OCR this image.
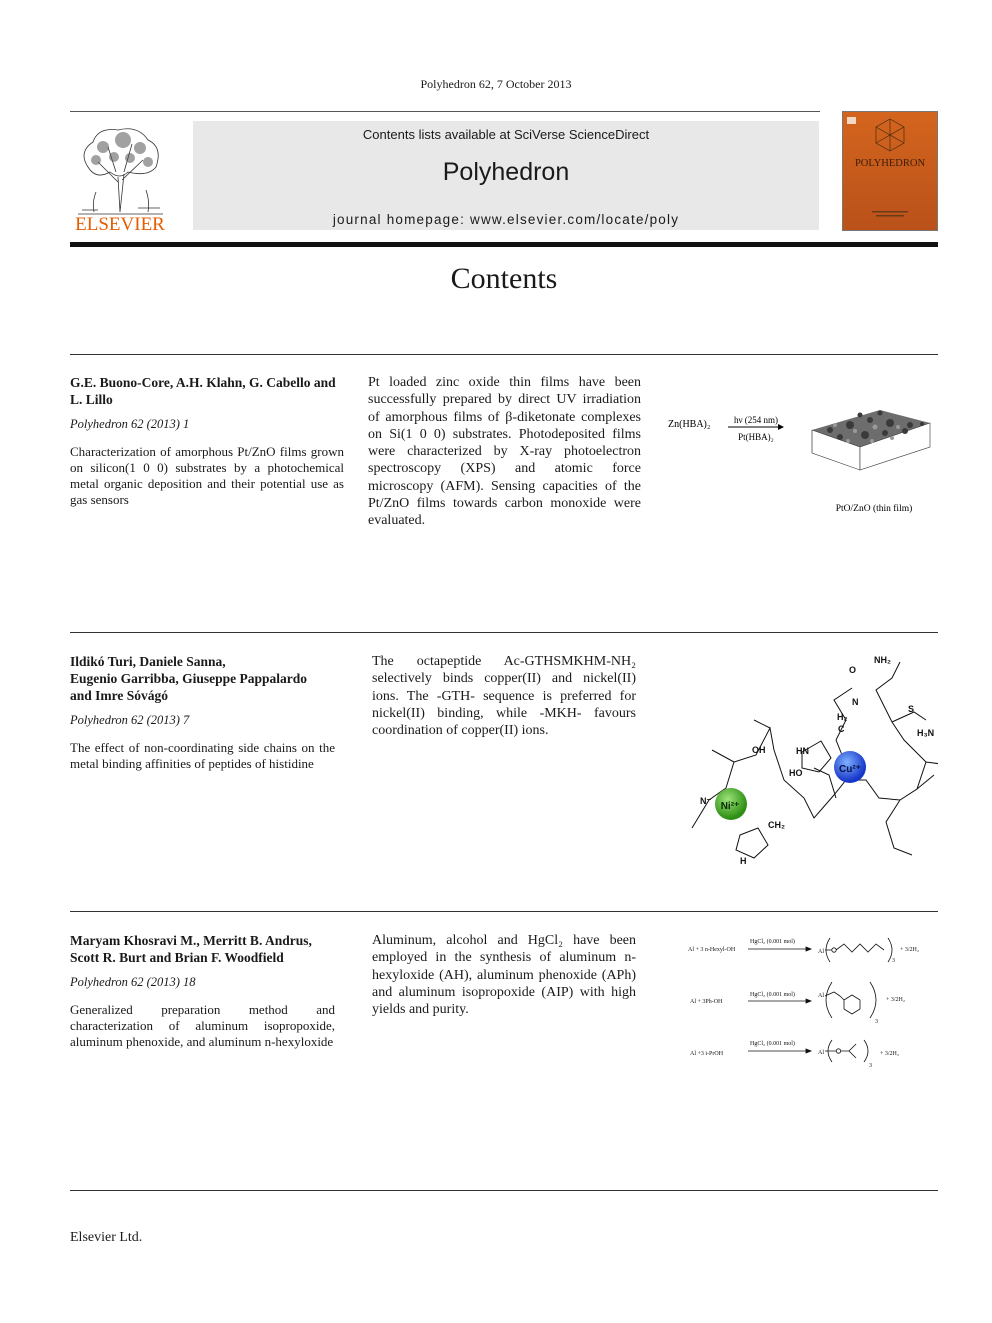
Polyhedron 62, 7 October 2013
ELSEVIER
Contents lists available at SciVerse ScienceDirect
Polyhedron
journal homepage: www.elsevier.com/locate/poly
POLYHEDRON
Contents
G.E. Buono-Core, A.H. Klahn, G. Cabello and L. Lillo
Polyhedron 62 (2013) 1
Characterization of amorphous Pt/ZnO films grown on silicon(1 0 0) substrates by a photochemical metal organic deposition and their potential use as gas sensors
Pt loaded zinc oxide thin films have been successfully prepared by direct UV irradiation of amorphous films of β-diketonate complexes on Si(1 0 0) substrates. Photodeposited films were characterized by X-ray photoelectron spectroscopy (XPS) and atomic force microscopy (AFM). Sensing capacities of the Pt/ZnO films towards carbon monoxide were evaluated.
Zn(HBA)₂	hν (254 nm)
Pt(HBA)₂
PtO/ZnO (thin film)
Ildikó Turi, Daniele Sanna,
Eugenio Garribba, Giuseppe Pappalardo
and Imre Sóvágó
Polyhedron 62 (2013) 7
The effect of non-coordinating side chains on the metal binding affinities of peptides of histidine
The octapeptide Ac-GTHSMKHM-NH₂ selectively binds copper(II) and nickel(II) ions. The -GTH- sequence is preferred for nickel(II) binding, while -MKH- favours coordination of copper(II) ions.
Ni²⁺
Cu²⁺
NH₂
O
N
H₂
C
S
HN
H₃N
OH
HO
CH₂
N⁻
H
Maryam Khosravi M., Merritt B. Andrus,
Scott R. Burt and Brian F. Woodfield
Polyhedron 62 (2013) 18
Generalized preparation method and characterization of aluminum isopropoxide, aluminum phenoxide, and aluminum n-hexyloxide
Aluminum, alcohol and HgCl₂ have been employed in the synthesis of aluminum n-hexyloxide (AH), aluminum phenoxide (APh) and aluminum isopropoxide (AIP) with high yields and purity.
Al + 3 n-Hexyl-OH
HgCl₂ (0.001 mol)
Al
3
+ 3/2H₂
Al + 3Ph-OH
HgCl₂ (0.001 mol)	Al
3
+ 3/2H₂
Al +3 i-PrOH
HgCl₂ (0.001 mol)
Al
3
+ 3/2H₂
Elsevier Ltd.
